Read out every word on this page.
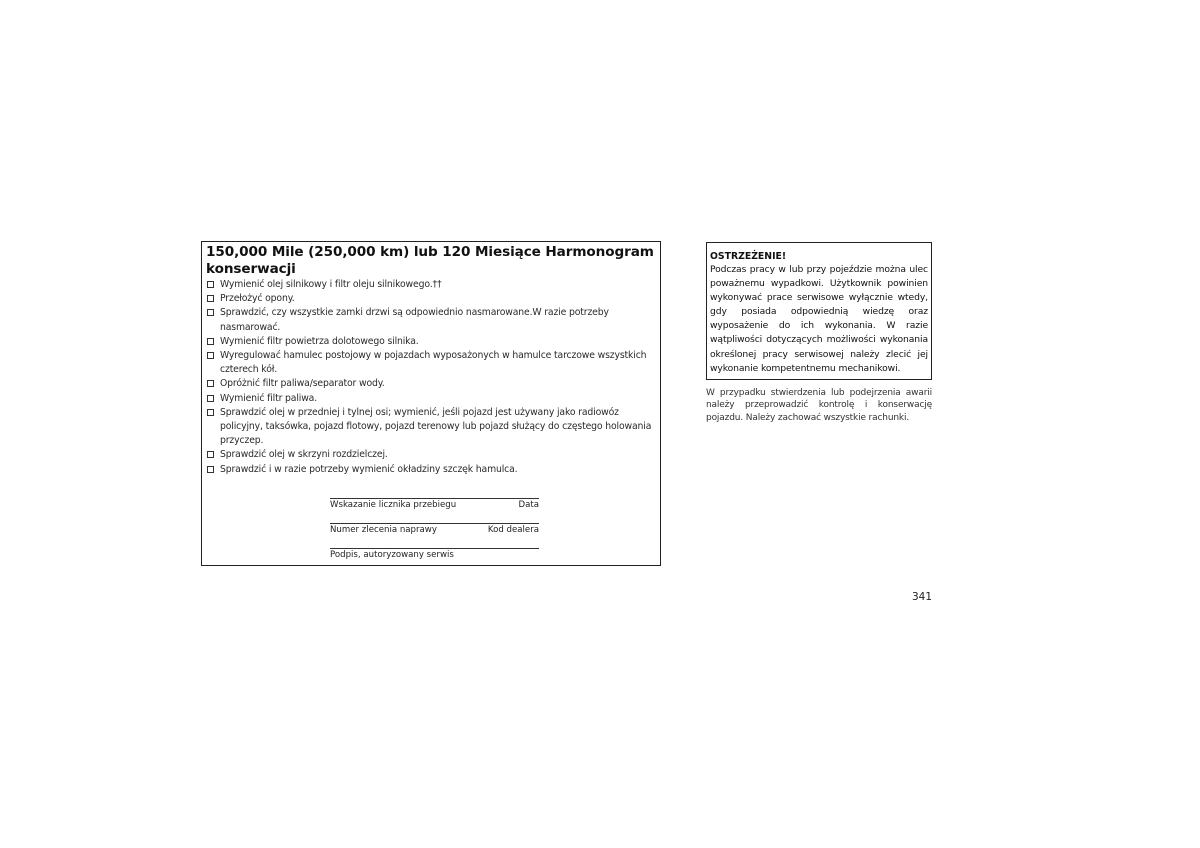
150,000 Mile (250,000 km) lub 120 Miesiące Harmonogram konserwacji
Wymienić olej silnikowy i filtr oleju silnikowego.††
Przełożyć opony.
Sprawdzić, czy wszystkie zamki drzwi są odpowiednio nasmarowane.W razie potrzeby nasmarować.
Wymienić filtr powietrza dolotowego silnika.
Wyregulować hamulec postojowy w pojazdach wyposażonych w hamulce tarczowe wszystkich czterech kół.
Opróżnić filtr paliwa/separator wody.
Wymienić filtr paliwa.
Sprawdzić olej w przedniej i tylnej osi; wymienić, jeśli pojazd jest używany jako radiowóz policyjny, taksówka, pojazd flotowy, pojazd terenowy lub pojazd służący do częstego holowania przyczep.
Sprawdzić olej w skrzyni rozdzielczej.
Sprawdzić i w razie potrzeby wymienić okładziny szczęk hamulca.
Wskazanie licznika przebiegu	Data
Numer zlecenia naprawy	Kod dealera
Podpis, autoryzowany serwis

OSTRZEŻENIE!

Podczas pracy w lub przy pojeździe można ulec poważnemu wypadkowi. Użytkownik powinien wykonywać prace serwisowe wyłącznie wtedy, gdy posiada odpowiednią wiedzę oraz wyposażenie do ich wykonania. W razie wątpliwości dotyczących możliwości wykonania określonej pracy serwisowej należy zlecić jej wykonanie kompetentnemu mechanikowi.

W przypadku stwierdzenia lub podejrzenia awarii należy przeprowadzić kontrolę i konserwację pojazdu. Należy zachować wszystkie rachunki.

341
